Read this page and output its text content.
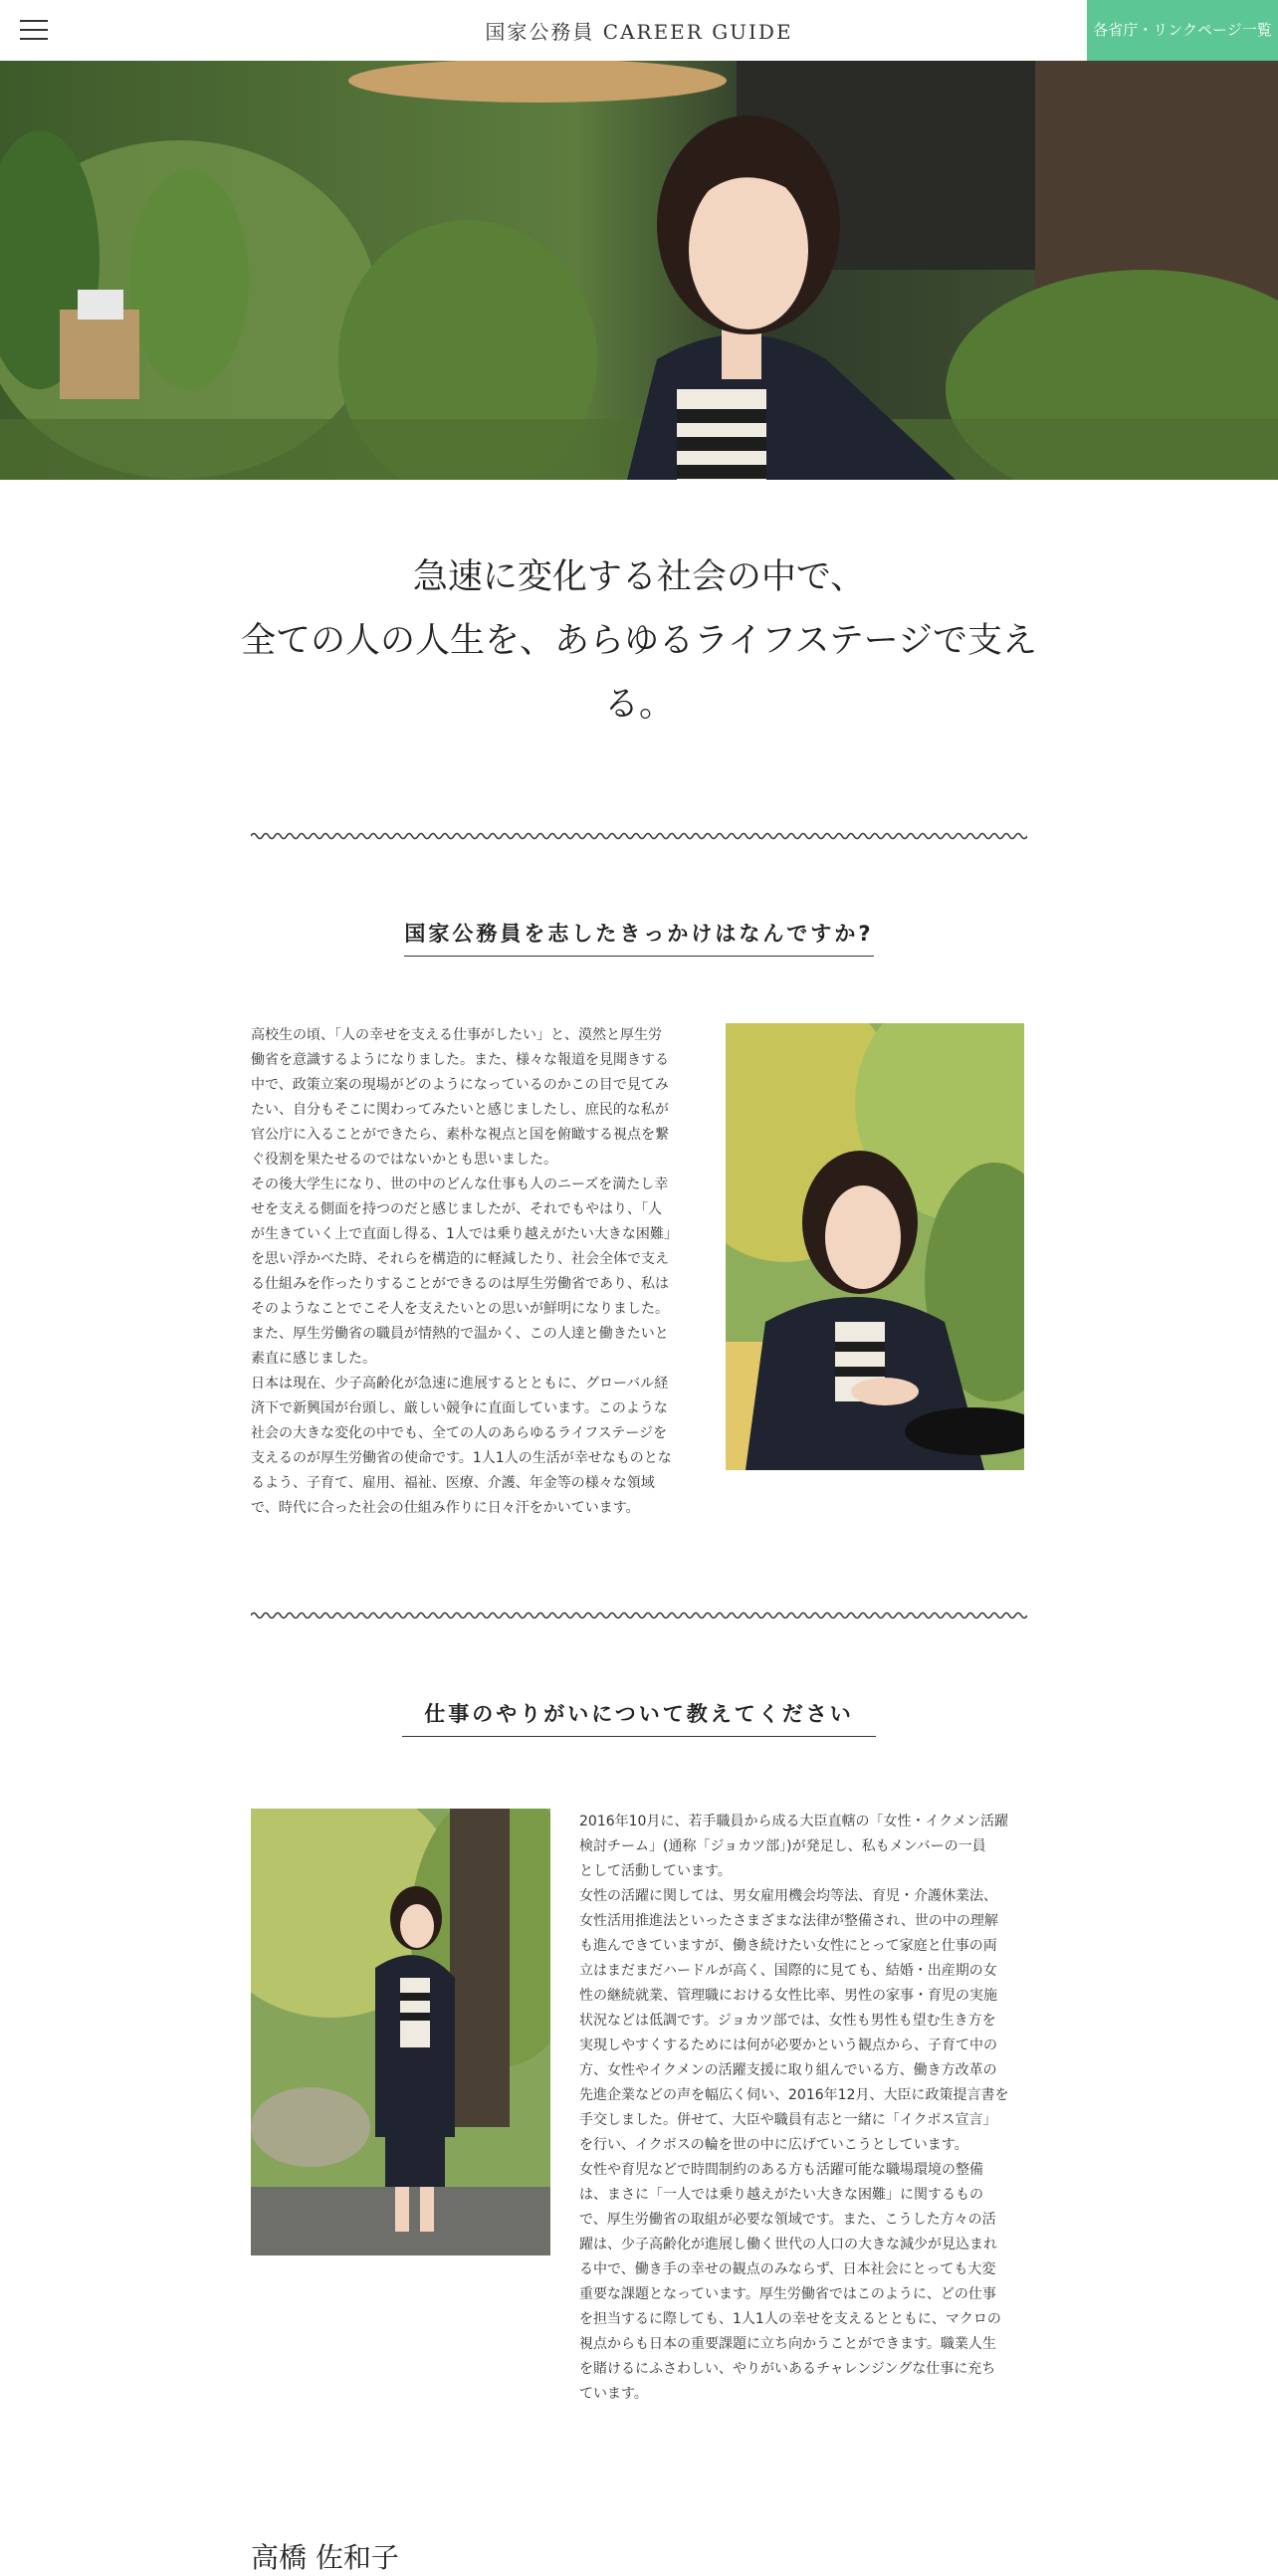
国家公務員 CAREER GUIDE	各省庁・リンクページ一覧
急速に変化する社会の中で、
全ての人の人生を、あらゆるライフステージで支え
る。
国家公務員を志したきっかけはなんですか?
高校生の頃、「人の幸せを支える仕事がしたい」と、漠然と厚生労
働省を意識するようになりました。また、様々な報道を見聞きする
中で、政策立案の現場がどのようになっているのかこの目で見てみ
たい、自分もそこに関わってみたいと感じましたし、庶民的な私が
官公庁に入ることができたら、素朴な視点と国を俯瞰する視点を繋
ぐ役割を果たせるのではないかとも思いました。
その後大学生になり、世の中のどんな仕事も人のニーズを満たし幸
せを支える側面を持つのだと感じましたが、それでもやはり、「人
が生きていく上で直面し得る、1人では乗り越えがたい大きな困難」
を思い浮かべた時、それらを構造的に軽減したり、社会全体で支え
る仕組みを作ったりすることができるのは厚生労働省であり、私は
そのようなことでこそ人を支えたいとの思いが鮮明になりました。
また、厚生労働省の職員が情熱的で温かく、この人達と働きたいと
素直に感じました。
日本は現在、少子高齢化が急速に進展するとともに、グローバル経
済下で新興国が台頭し、厳しい競争に直面しています。このような
社会の大きな変化の中でも、全ての人のあらゆるライフステージを
支えるのが厚生労働省の使命です。1人1人の生活が幸せなものとな
るよう、子育て、雇用、福祉、医療、介護、年金等の様々な領域
で、時代に合った社会の仕組み作りに日々汗をかいています。
仕事のやりがいについて教えてください
2016年10月に、若手職員から成る大臣直轄の「女性・イクメン活躍
検討チーム」(通称「ジョカツ部」)が発足し、私もメンバーの一員
として活動しています。
女性の活躍に関しては、男女雇用機会均等法、育児・介護休業法、
女性活用推進法といったさまざまな法律が整備され、世の中の理解
も進んできていますが、働き続けたい女性にとって家庭と仕事の両
立はまだまだハードルが高く、国際的に見ても、結婚・出産期の女
性の継続就業、管理職における女性比率、男性の家事・育児の実施
状況などは低調です。ジョカツ部では、女性も男性も望む生き方を
実現しやすくするためには何が必要かという観点から、子育て中の
方、女性やイクメンの活躍支援に取り組んでいる方、働き方改革の
先進企業などの声を幅広く伺い、2016年12月、大臣に政策提言書を
手交しました。併せて、大臣や職員有志と一緒に「イクボス宣言」
を行い、イクボスの輪を世の中に広げていこうとしています。
女性や育児などで時間制約のある方も活躍可能な職場環境の整備
は、まさに「一人では乗り越えがたい大きな困難」に関するもの
で、厚生労働省の取組が必要な領域です。また、こうした方々の活
躍は、少子高齢化が進展し働く世代の人口の大きな減少が見込まれ
る中で、働き手の幸せの観点のみならず、日本社会にとっても大変
重要な課題となっています。厚生労働省ではこのように、どの仕事
を担当するに際しても、1人1人の幸せを支えるとともに、マクロの
視点からも日本の重要課題に立ち向かうことができます。職業人生
を賭けるにふさわしい、やりがいあるチャレンジングな仕事に充ち
ています。
高橋 佐和子
